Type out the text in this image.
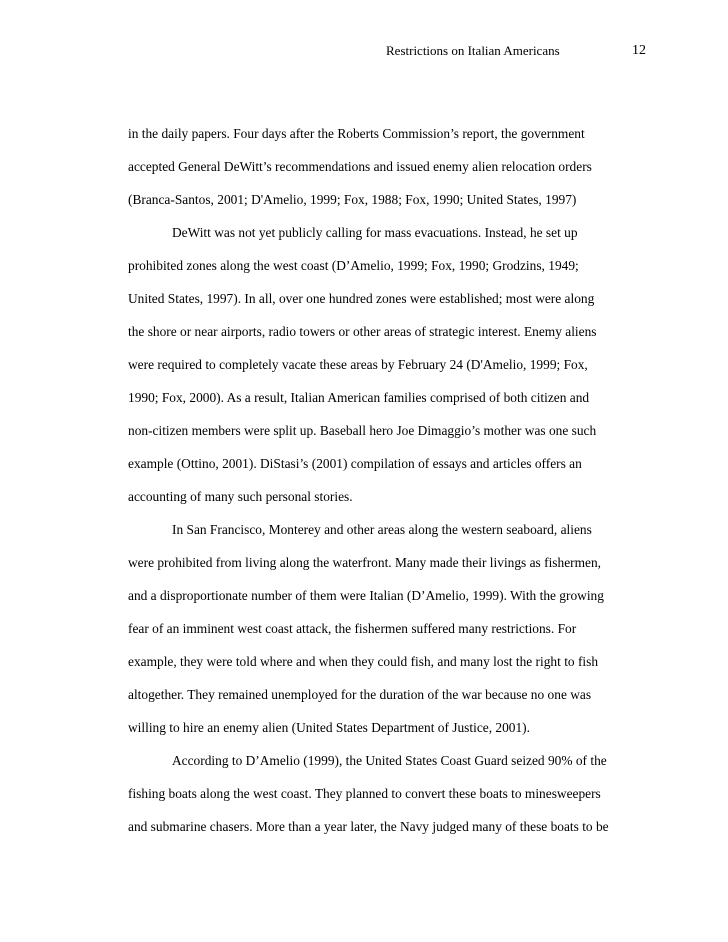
Restrictions on Italian Americans	12
in the daily papers. Four days after the Roberts Commission’s report, the government
accepted General DeWitt’s recommendations and issued enemy alien relocation orders
(Branca-Santos, 2001; D'Amelio, 1999; Fox, 1988; Fox, 1990; United States, 1997)
DeWitt was not yet publicly calling for mass evacuations. Instead, he set up
prohibited zones along the west coast (D’Amelio, 1999; Fox, 1990; Grodzins, 1949;
United States, 1997). In all, over one hundred zones were established; most were along
the shore or near airports, radio towers or other areas of strategic interest. Enemy aliens
were required to completely vacate these areas by February 24 (D'Amelio, 1999; Fox,
1990; Fox, 2000). As a result, Italian American families comprised of both citizen and
non-citizen members were split up. Baseball hero Joe Dimaggio’s mother was one such
example (Ottino, 2001). DiStasi’s (2001) compilation of essays and articles offers an
accounting of many such personal stories.
In San Francisco, Monterey and other areas along the western seaboard, aliens
were prohibited from living along the waterfront. Many made their livings as fishermen,
and a disproportionate number of them were Italian (D’Amelio, 1999). With the growing
fear of an imminent west coast attack, the fishermen suffered many restrictions. For
example, they were told where and when they could fish, and many lost the right to fish
altogether. They remained unemployed for the duration of the war because no one was
willing to hire an enemy alien (United States Department of Justice, 2001).
According to D’Amelio (1999), the United States Coast Guard seized 90% of the
fishing boats along the west coast. They planned to convert these boats to minesweepers
and submarine chasers. More than a year later, the Navy judged many of these boats to be
